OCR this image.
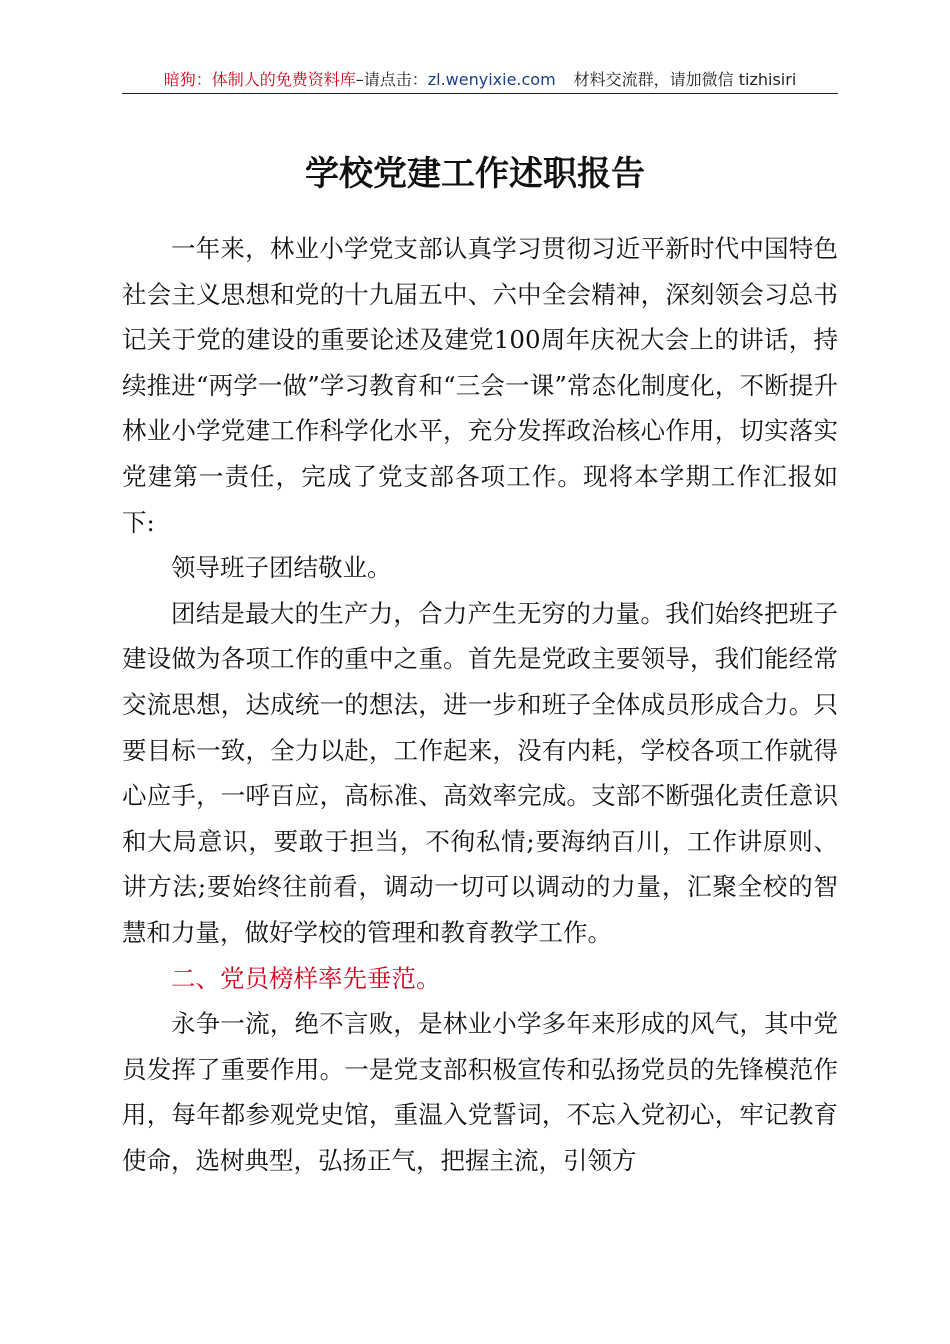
暗狗：体制人的免费资料库–请点击：zl.wenyixie.com 材料交流群，请加微信 tizhisiri
学校党建工作述职报告

一年来，林业小学党支部认真学习贯彻习近平新时代中国特色社会主义思想和党的十九届五中、六中全会精神，深刻领会习总书记关于党的建设的重要论述及建党100周年庆祝大会上的讲话，持续推进“两学一做”学习教育和“三会一课”常态化制度化，不断提升林业小学党建工作科学化水平，充分发挥政治核心作用，切实落实党建第一责任，完成了党支部各项工作。现将本学期工作汇报如下:

领导班子团结敬业。

团结是最大的生产力，合力产生无穷的力量。我们始终把班子建设做为各项工作的重中之重。首先是党政主要领导，我们能经常交流思想，达成统一的想法，进一步和班子全体成员形成合力。只要目标一致，全力以赴，工作起来，没有内耗，学校各项工作就得心应手，一呼百应，高标准、高效率完成。支部不断强化责任意识和大局意识，要敢于担当，不徇私情;要海纳百川，工作讲原则、讲方法;要始终往前看，调动一切可以调动的力量，汇聚全校的智慧和力量，做好学校的管理和教育教学工作。

二、党员榜样率先垂范。

永争一流，绝不言败，是林业小学多年来形成的风气，其中党员发挥了重要作用。一是党支部积极宣传和弘扬党员的先锋模范作用，每年都参观党史馆，重温入党誓词，不忘入党初心，牢记教育使命，选树典型，弘扬正气，把握主流，引领方
